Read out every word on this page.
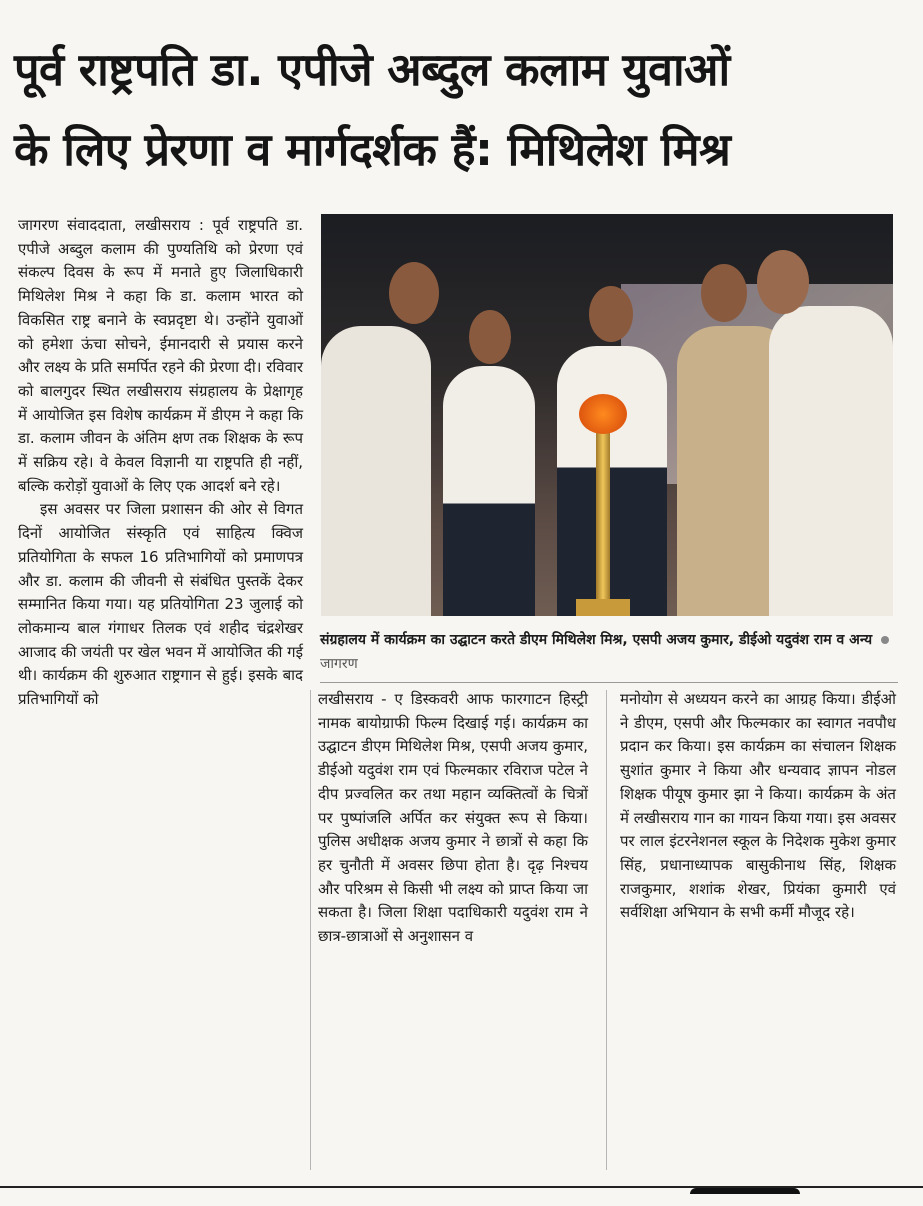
पूर्व राष्ट्रपति डा. एपीजे अब्दुल कलाम युवाओं
के लिए प्रेरणा व मार्गदर्शक हैं: मिथिलेश मिश्र

जागरण संवाददाता, लखीसराय : पूर्व राष्ट्रपति डा. एपीजे अब्दुल कलाम की पुण्यतिथि को प्रेरणा एवं संकल्प दिवस के रूप में मनाते हुए जिलाधिकारी मिथिलेश मिश्र ने कहा कि डा. कलाम भारत को विकसित राष्ट्र बनाने के स्वप्नदृष्टा थे। उन्होंने युवाओं को हमेशा ऊंचा सोचने, ईमानदारी से प्रयास करने और लक्ष्य के प्रति समर्पित रहने की प्रेरणा दी। रविवार को बालगुदर स्थित लखीसराय संग्रहालय के प्रेक्षागृह में आयोजित इस विशेष कार्यक्रम में डीएम ने कहा कि डा. कलाम जीवन के अंतिम क्षण तक शिक्षक के रूप में सक्रिय रहे। वे केवल विज्ञानी या राष्ट्रपति ही नहीं, बल्कि करोड़ों युवाओं के लिए एक आदर्श बने रहे।

इस अवसर पर जिला प्रशासन की ओर से विगत दिनों आयोजित संस्कृति एवं साहित्य क्विज प्रतियोगिता के सफल 16 प्रतिभागियों को प्रमाणपत्र और डा. कलाम की जीवनी से संबंधित पुस्तकें देकर सम्मानित किया गया। यह प्रतियोगिता 23 जुलाई को लोकमान्य बाल गंगाधर तिलक एवं शहीद चंद्रशेखर आजाद की जयंती पर खेल भवन में आयोजित की गई थी। कार्यक्रम की शुरुआत राष्ट्रगान से हुई। इसके बाद प्रतिभागियों को

संग्रहालय में कार्यक्रम का उद्घाटन करते डीएम मिथिलेश मिश्र, एसपी अजय कुमार, डीईओ यदुवंश राम व अन्य जागरण

लखीसराय - ए डिस्कवरी आफ फारगाटन हिस्ट्री नामक बायोग्राफी फिल्म दिखाई गई। कार्यक्रम का उद्घाटन डीएम मिथिलेश मिश्र, एसपी अजय कुमार, डीईओ यदुवंश राम एवं फिल्मकार रविराज पटेल ने दीप प्रज्वलित कर तथा महान व्यक्तित्वों के चित्रों पर पुष्पांजलि अर्पित कर संयुक्त रूप से किया। पुलिस अधीक्षक अजय कुमार ने छात्रों से कहा कि हर चुनौती में अवसर छिपा होता है। दृढ़ निश्चय और परिश्रम से किसी भी लक्ष्य को प्राप्त किया जा सकता है। जिला शिक्षा पदाधिकारी यदुवंश राम ने छात्र-छात्राओं से अनुशासन व

मनोयोग से अध्ययन करने का आग्रह किया। डीईओ ने डीएम, एसपी और फिल्मकार का स्वागत नवपौध प्रदान कर किया। इस कार्यक्रम का संचालन शिक्षक सुशांत कुमार ने किया और धन्यवाद ज्ञापन नोडल शिक्षक पीयूष कुमार झा ने किया। कार्यक्रम के अंत में लखीसराय गान का गायन किया गया। इस अवसर पर लाल इंटरनेशनल स्कूल के निदेशक मुकेश कुमार सिंह, प्रधानाध्यापक बासुकीनाथ सिंह, शिक्षक राजकुमार, शशांक शेखर, प्रियंका कुमारी एवं सर्वशिक्षा अभियान के सभी कर्मी मौजूद रहे।
